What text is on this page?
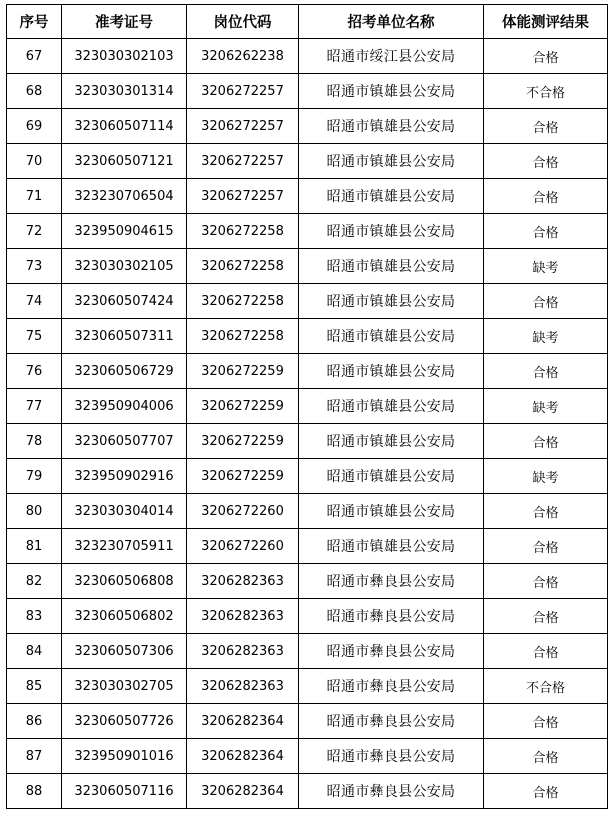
序号	准考证号	岗位代码	招考单位名称	体能测评结果
67	323030302103	3206262238	昭通市绥江县公安局	合格
68	323030301314	3206272257	昭通市镇雄县公安局	不合格
69	323060507114	3206272257	昭通市镇雄县公安局	合格
70	323060507121	3206272257	昭通市镇雄县公安局	合格
71	323230706504	3206272257	昭通市镇雄县公安局	合格
72	323950904615	3206272258	昭通市镇雄县公安局	合格
73	323030302105	3206272258	昭通市镇雄县公安局	缺考
74	323060507424	3206272258	昭通市镇雄县公安局	合格
75	323060507311	3206272258	昭通市镇雄县公安局	缺考
76	323060506729	3206272259	昭通市镇雄县公安局	合格
77	323950904006	3206272259	昭通市镇雄县公安局	缺考
78	323060507707	3206272259	昭通市镇雄县公安局	合格
79	323950902916	3206272259	昭通市镇雄县公安局	缺考
80	323030304014	3206272260	昭通市镇雄县公安局	合格
81	323230705911	3206272260	昭通市镇雄县公安局	合格
82	323060506808	3206282363	昭通市彝良县公安局	合格
83	323060506802	3206282363	昭通市彝良县公安局	合格
84	323060507306	3206282363	昭通市彝良县公安局	合格
85	323030302705	3206282363	昭通市彝良县公安局	不合格
86	323060507726	3206282364	昭通市彝良县公安局	合格
87	323950901016	3206282364	昭通市彝良县公安局	合格
88	323060507116	3206282364	昭通市彝良县公安局	合格
